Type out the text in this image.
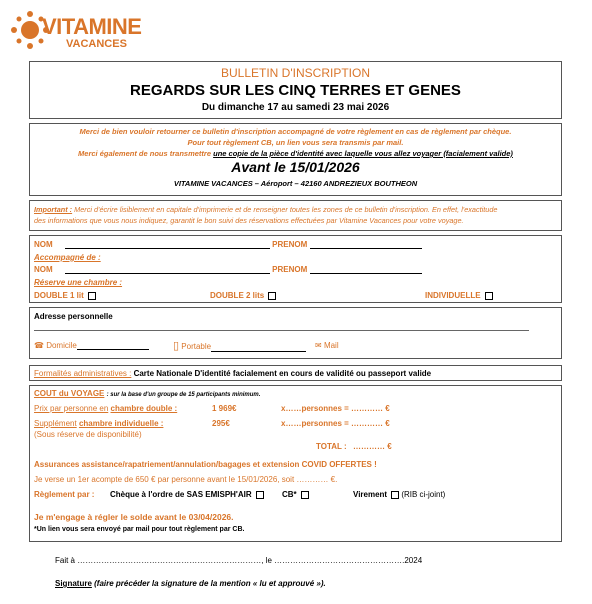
VITAMINE
VACANCES
BULLETIN D'INSCRIPTION
REGARDS SUR LES CINQ TERRES ET GENES
Du dimanche 17 au samedi 23 mai 2026
Merci de bien vouloir retourner ce bulletin d'inscription accompagné de votre règlement en cas de règlement par chèque.
Pour tout règlement CB, un lien vous sera transmis par mail.
Merci également de nous transmettre une copie de la pièce d'identité avec laquelle vous allez voyager (facialement valide)
Avant le 15/01/2026
VITAMINE VACANCES – Aéroport – 42160 ANDREZIEUX BOUTHEON
Important : Merci d'écrire lisiblement en capitale d'imprimerie et de renseigner toutes les zones de ce bulletin d'inscription. En effet, l'exactitude
des informations que vous nous indiquez, garantit le bon suivi des réservations effectuées par Vitamine Vacances pour votre voyage.
NOM	PRENOM
Accompagné de :
NOM	PRENOM
Réserve une chambre :
DOUBLE 1 lit	DOUBLE 2 lits	INDIVIDUELLE
Adresse personnelle
☎ Domicile	▯ Portable	✉ Mail
Formalités administratives : Carte Nationale D'identité facialement en cours de validité ou passeport valide
COUT du VOYAGE : sur la base d'un groupe de 15 participants minimum.
Prix par personne en chambre double :	1 969€	x……personnes = ………… €
Supplément chambre individuelle :	295€	x……personnes = ………… €
(Sous réserve de disponibilité)
TOTAL : ………… €
Assurances assistance/rapatriement/annulation/bagages et extension COVID OFFERTES !
Je verse un 1er acompte de 650 € par personne avant le 15/01/2026, soit ………… €.
Règlement par : Chèque à l'ordre de SAS EMISPH'AIR	CB*	Virement (RIB ci-joint)
Je m'engage à régler le solde avant le 03/04/2026.
*Un lien vous sera envoyé par mail pour tout règlement par CB.
Fait à ……………………………………………………………, le ………………………………………….2024
Signature (faire précéder la signature de la mention « lu et approuvé »).
